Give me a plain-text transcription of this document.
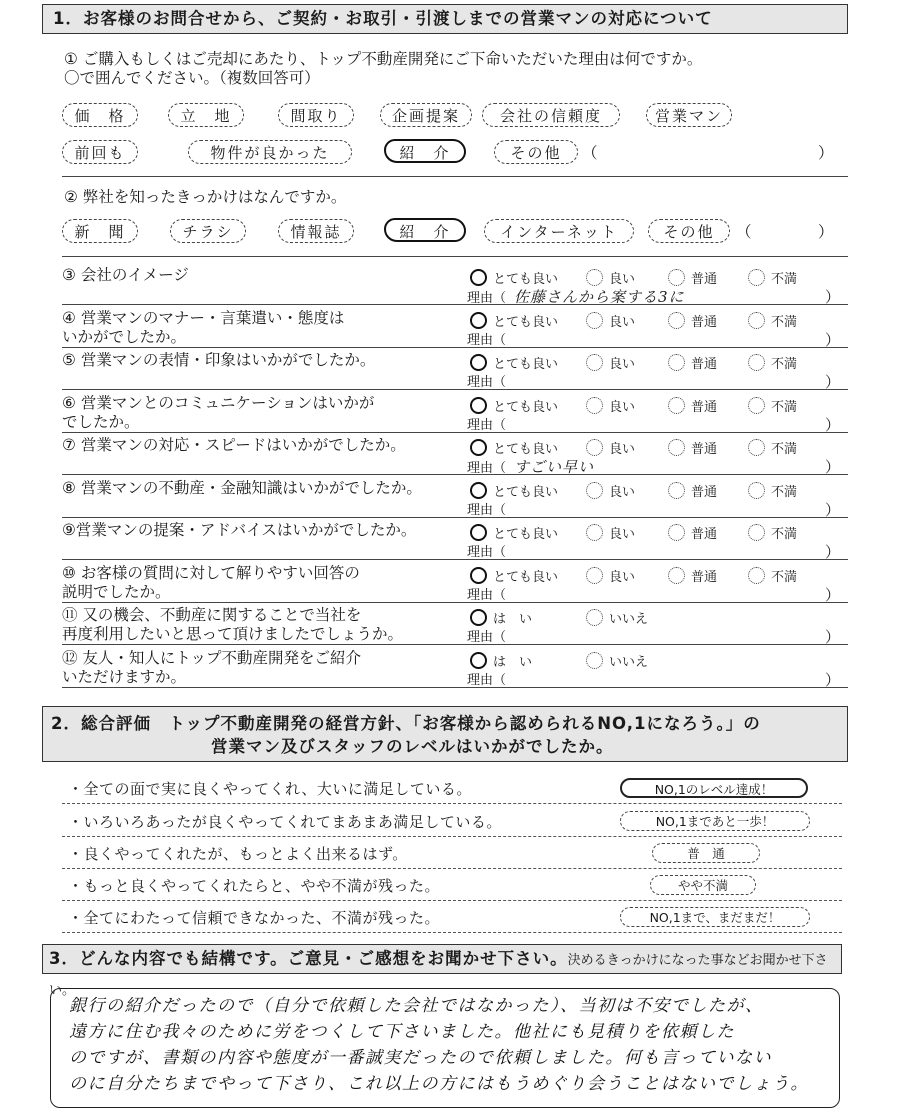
1．お客様のお問合せから、ご契約・お取引・引渡しまでの営業マンの対応について
① ご購入もしくはご売却にあたり、トップ不動産開発にご下命いただいた理由は何ですか。
〇で囲んでください。（複数回答可）
価　格	立　地	間取り	企画提案	会社の信頼度	営業マン
前回も	物件が良かった	紹　介	その他	（	）
② 弊社を知ったきっかけはなんですか。
新　聞	チラシ	情報誌	紹　介	インターネット	その他	（	）
③ 会社のイメージ	とても良い	良い	普通	不満
理由（ 佐藤さんから案する3に	）
④ 営業マンのマナー・言葉遣い・態度は
いかがでしたか。
とても良い	良い	普通	不満
理由（	）
⑤ 営業マンの表情・印象はいかがでしたか。	とても良い	良い	普通	不満
理由（	）
⑥ 営業マンとのコミュニケーションはいかが
でしたか。
とても良い	良い	普通	不満
理由（	）
⑦ 営業マンの対応・スピードはいかがでしたか。	とても良い	良い	普通	不満
理由（ すごい早い	）
⑧ 営業マンの不動産・金融知識はいかがでしたか。	とても良い	良い	普通	不満
理由（	）
⑨営業マンの提案・アドバイスはいかがでしたか。	とても良い	良い	普通	不満
理由（	）
⑩ お客様の質問に対して解りやすい回答の
説明でしたか。
とても良い	良い	普通	不満
理由（	）
⑪ 又の機会、不動産に関することで当社を
再度利用したいと思って頂けましたでしょうか。
は　い	いいえ
理由（	）
⑫ 友人・知人にトップ不動産開発をご紹介
いただけますか。
は　い	いいえ
理由（	）
2．総合評価　トップ不動産開発の経営方針、「お客様から認められるNO,1になろう。」の
営業マン及びスタッフのレベルはいかがでしたか。
・全ての面で実に良くやってくれ、大いに満足している。	NO,1のレベル達成！
・いろいろあったが良くやってくれてまあまあ満足している。	NO,1まであと一歩！
・良くやってくれたが、もっとよく出来るはず。	普　通
・もっと良くやってくれたらと、やや不満が残った。	やや不満
・全てにわたって信頼できなかった、不満が残った。	NO,1まで、まだまだ！
3．どんな内容でも結構です。ご意見・ご感想をお聞かせ下さい。決めるきっかけになった事などお聞かせ下さい。
銀行の紹介だったので（自分で依頼した会社ではなかった）、当初は不安でしたが、
遠方に住む我々のために労をつくして下さいました。他社にも見積りを依頼した
のですが、書類の内容や態度が一番誠実だったので依頼しました。何も言っていない
のに自分たちまでやって下さり、これ以上の方にはもうめぐり会うことはないでしょう。
